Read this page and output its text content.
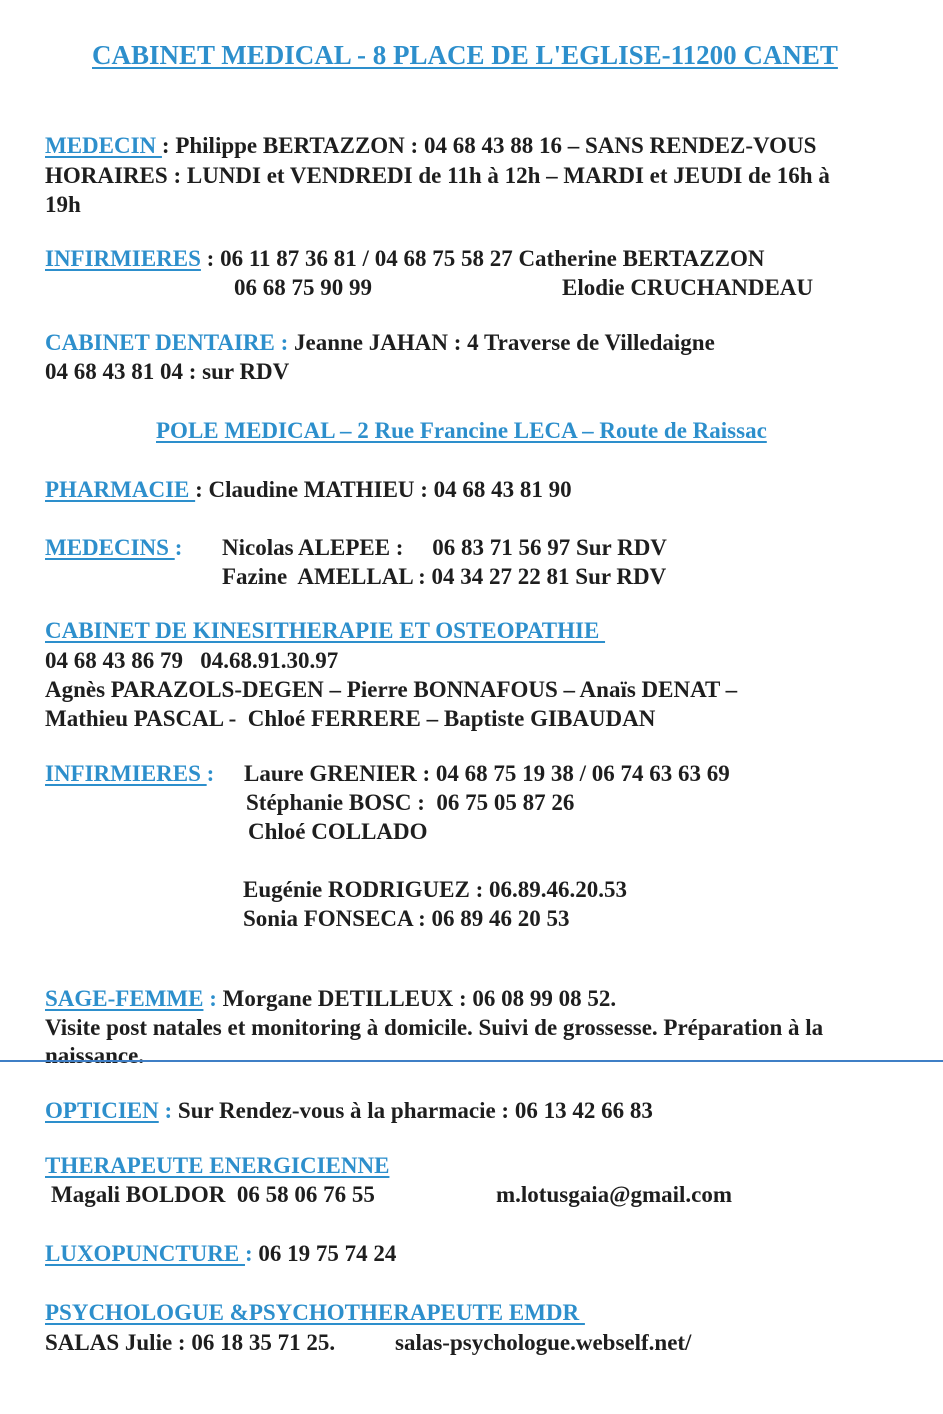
CABINET MEDICAL - 8 PLACE DE L'EGLISE-11200 CANET
MEDECIN : Philippe BERTAZZON : 04 68 43 88 16 – SANS RENDEZ-VOUS
HORAIRES : LUNDI et VENDREDI de 11h à 12h – MARDI et JEUDI de 16h à
19h
INFIRMIERES : 06 11 87 36 81 / 04 68 75 58 27 Catherine BERTAZZON
06 68 75 90 99	Elodie CRUCHANDEAU
CABINET DENTAIRE : Jeanne JAHAN : 4 Traverse de Villedaigne
04 68 43 81 04 : sur RDV
POLE MEDICAL – 2 Rue Francine LECA – Route de Raissac
PHARMACIE : Claudine MATHIEU : 04 68 43 81 90
MEDECINS : Nicolas ALEPEE :     06 83 71 56 97 Sur RDV
Fazine  AMELLAL : 04 34 27 22 81 Sur RDV
CABINET DE KINESITHERAPIE ET OSTEOPATHIE
04 68 43 86 79   04.68.91.30.97
Agnès PARAZOLS-DEGEN – Pierre BONNAFOUS – Anaïs DENAT –
Mathieu PASCAL -  Chloé FERRERE – Baptiste GIBAUDAN
INFIRMIERES : Laure GRENIER : 04 68 75 19 38 / 06 74 63 63 69
Stéphanie BOSC :  06 75 05 87 26
Chloé COLLADO
Eugénie RODRIGUEZ : 06.89.46.20.53
Sonia FONSECA : 06 89 46 20 53
SAGE-FEMME : Morgane DETILLEUX : 06 08 99 08 52.
Visite post natales et monitoring à domicile. Suivi de grossesse. Préparation à la
naissance.
OPTICIEN : Sur Rendez-vous à la pharmacie : 06 13 42 66 83
THERAPEUTE ENERGICIENNE
Magali BOLDOR  06 58 06 76 55	m.lotusgaia@gmail.com
LUXOPUNCTURE : 06 19 75 74 24
PSYCHOLOGUE &PSYCHOTHERAPEUTE EMDR
SALAS Julie : 06 18 35 71 25.	salas-psychologue.webself.net/
